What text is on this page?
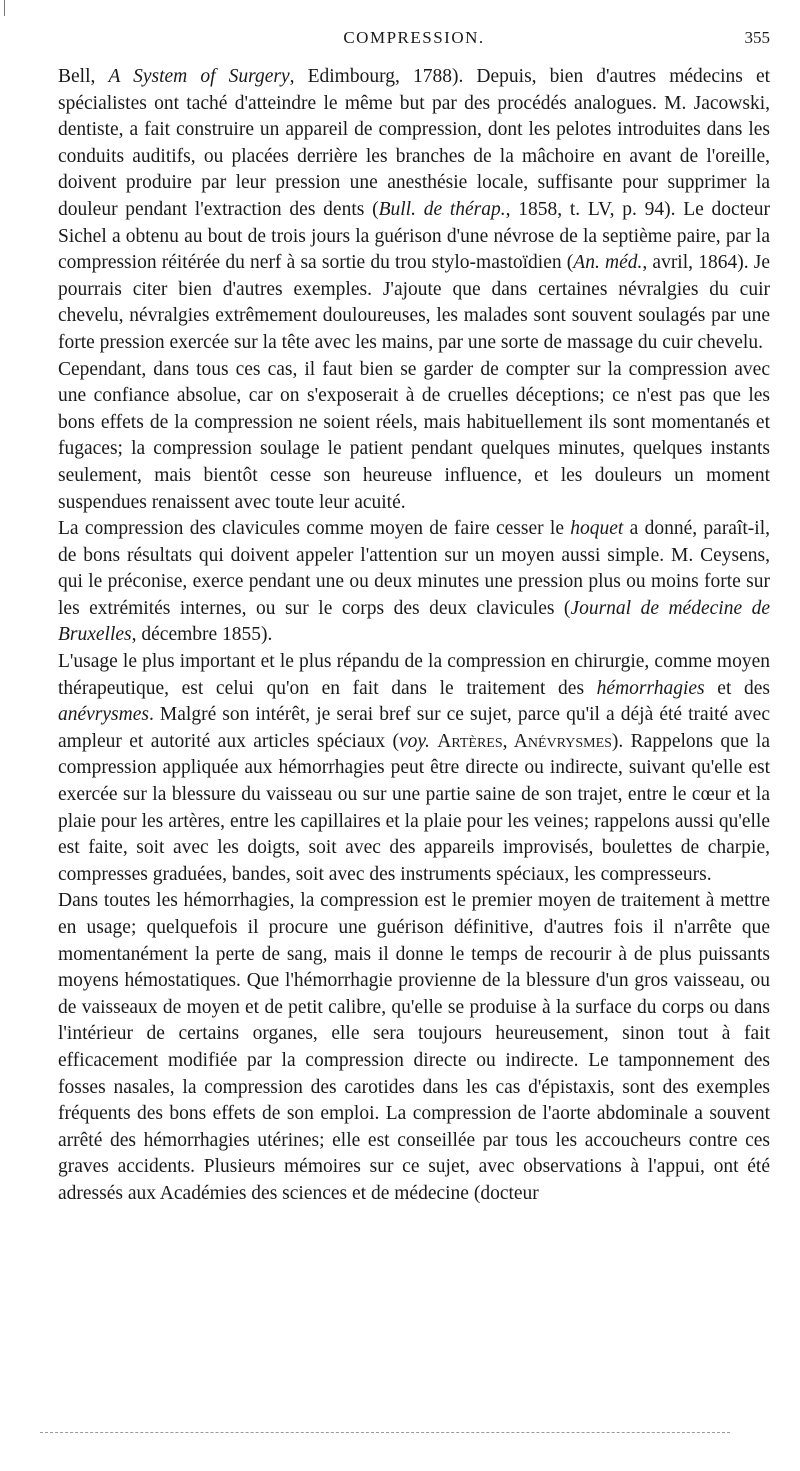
COMPRESSION.	355

Bell, A System of Surgery, Edimbourg, 1788). Depuis, bien d'autres médecins et spécialistes ont taché d'atteindre le même but par des procédés analogues. M. Jacowski, dentiste, a fait construire un appareil de compression, dont les pelotes introduites dans les conduits auditifs, ou placées derrière les branches de la mâchoire en avant de l'oreille, doivent produire par leur pression une anesthésie locale, suffisante pour supprimer la douleur pendant l'extraction des dents (Bull. de thérap., 1858, t. LV, p. 94). Le docteur Sichel a obtenu au bout de trois jours la guérison d'une névrose de la septième paire, par la compression réitérée du nerf à sa sortie du trou stylo-mastoïdien (An. méd., avril, 1864). Je pourrais citer bien d'autres exemples. J'ajoute que dans certaines névralgies du cuir chevelu, névralgies extrêmement douloureuses, les malades sont souvent soulagés par une forte pression exercée sur la tête avec les mains, par une sorte de massage du cuir chevelu.

Cependant, dans tous ces cas, il faut bien se garder de compter sur la compression avec une confiance absolue, car on s'exposerait à de cruelles déceptions; ce n'est pas que les bons effets de la compression ne soient réels, mais habituellement ils sont momentanés et fugaces; la compression soulage le patient pendant quelques minutes, quelques instants seulement, mais bientôt cesse son heureuse influence, et les douleurs un moment suspendues renaissent avec toute leur acuité.

La compression des clavicules comme moyen de faire cesser le hoquet a donné, paraît-il, de bons résultats qui doivent appeler l'attention sur un moyen aussi simple. M. Ceysens, qui le préconise, exerce pendant une ou deux minutes une pression plus ou moins forte sur les extrémités internes, ou sur le corps des deux clavicules (Journal de médecine de Bruxelles, décembre 1855).

L'usage le plus important et le plus répandu de la compression en chirurgie, comme moyen thérapeutique, est celui qu'on en fait dans le traitement des hémorrhagies et des anévrysmes. Malgré son intérêt, je serai bref sur ce sujet, parce qu'il a déjà été traité avec ampleur et autorité aux articles spéciaux (voy. Artères, Anévrysmes). Rappelons que la compression appliquée aux hémorrhagies peut être directe ou indirecte, suivant qu'elle est exercée sur la blessure du vaisseau ou sur une partie saine de son trajet, entre le cœur et la plaie pour les artères, entre les capillaires et la plaie pour les veines; rappelons aussi qu'elle est faite, soit avec les doigts, soit avec des appareils improvisés, boulettes de charpie, compresses graduées, bandes, soit avec des instruments spéciaux, les compresseurs.

Dans toutes les hémorrhagies, la compression est le premier moyen de traitement à mettre en usage; quelquefois il procure une guérison définitive, d'autres fois il n'arrête que momentanément la perte de sang, mais il donne le temps de recourir à de plus puissants moyens hémostatiques. Que l'hémorrhagie provienne de la blessure d'un gros vaisseau, ou de vaisseaux de moyen et de petit calibre, qu'elle se produise à la surface du corps ou dans l'intérieur de certains organes, elle sera toujours heureusement, sinon tout à fait efficacement modifiée par la compression directe ou indirecte. Le tamponnement des fosses nasales, la compression des carotides dans les cas d'épistaxis, sont des exemples fréquents des bons effets de son emploi. La compression de l'aorte abdominale a souvent arrêté des hémorrhagies utérines; elle est conseillée par tous les accoucheurs contre ces graves accidents. Plusieurs mémoires sur ce sujet, avec observations à l'appui, ont été adressés aux Académies des sciences et de médecine (docteur
